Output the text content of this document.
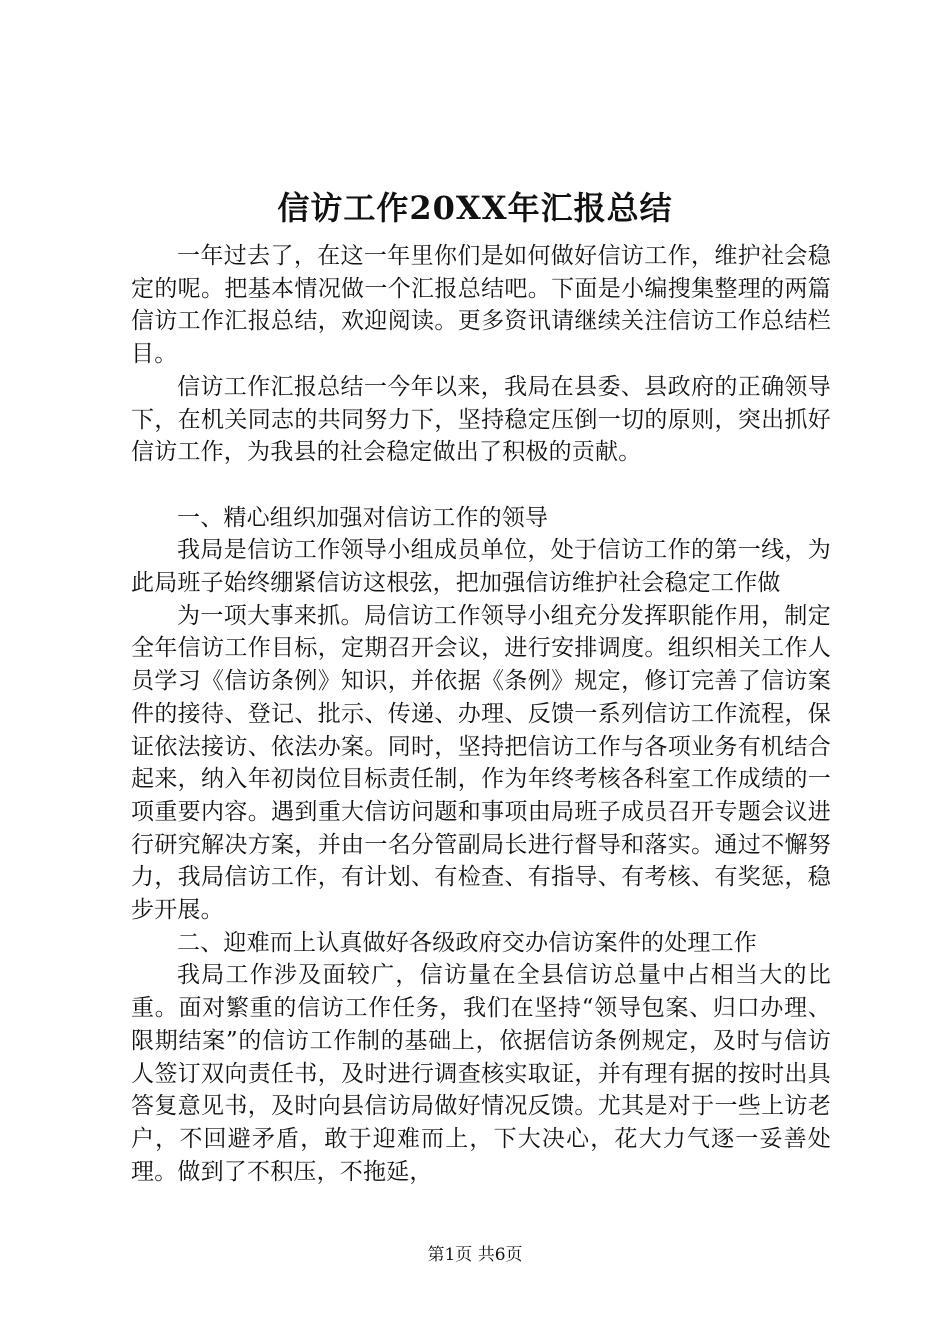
信访工作20XX年汇报总结

一年过去了，在这一年里你们是如何做好信访工作，维护社会稳定的呢。把基本情况做一个汇报总结吧。下面是小编搜集整理的两篇信访工作汇报总结，欢迎阅读。更多资讯请继续关注信访工作总结栏目。

信访工作汇报总结一今年以来，我局在县委、县政府的正确领导下，在机关同志的共同努力下，坚持稳定压倒一切的原则，突出抓好信访工作，为我县的社会稳定做出了积极的贡献。

一、精心组织加强对信访工作的领导

我局是信访工作领导小组成员单位，处于信访工作的第一线，为此局班子始终绷紧信访这根弦，把加强信访维护社会稳定工作做

为一项大事来抓。局信访工作领导小组充分发挥职能作用，制定全年信访工作目标，定期召开会议，进行安排调度。组织相关工作人员学习《信访条例》知识，并依据《条例》规定，修订完善了信访案件的接待、登记、批示、传递、办理、反馈一系列信访工作流程，保证依法接访、依法办案。同时，坚持把信访工作与各项业务有机结合起来，纳入年初岗位目标责任制，作为年终考核各科室工作成绩的一项重要内容。遇到重大信访问题和事项由局班子成员召开专题会议进行研究解决方案，并由一名分管副局长进行督导和落实。通过不懈努力，我局信访工作，有计划、有检查、有指导、有考核、有奖惩，稳步开展。

二、迎难而上认真做好各级政府交办信访案件的处理工作

我局工作涉及面较广，信访量在全县信访总量中占相当大的比重。面对繁重的信访工作任务，我们在坚持“领导包案、归口办理、限期结案”的信访工作制的基础上，依据信访条例规定，及时与信访人签订双向责任书，及时进行调查核实取证，并有理有据的按时出具答复意见书，及时向县信访局做好情况反馈。尤其是对于一些上访老户，不回避矛盾，敢于迎难而上，下大决心，花大力气逐一妥善处理。做到了不积压，不拖延，

第1页 共6页
